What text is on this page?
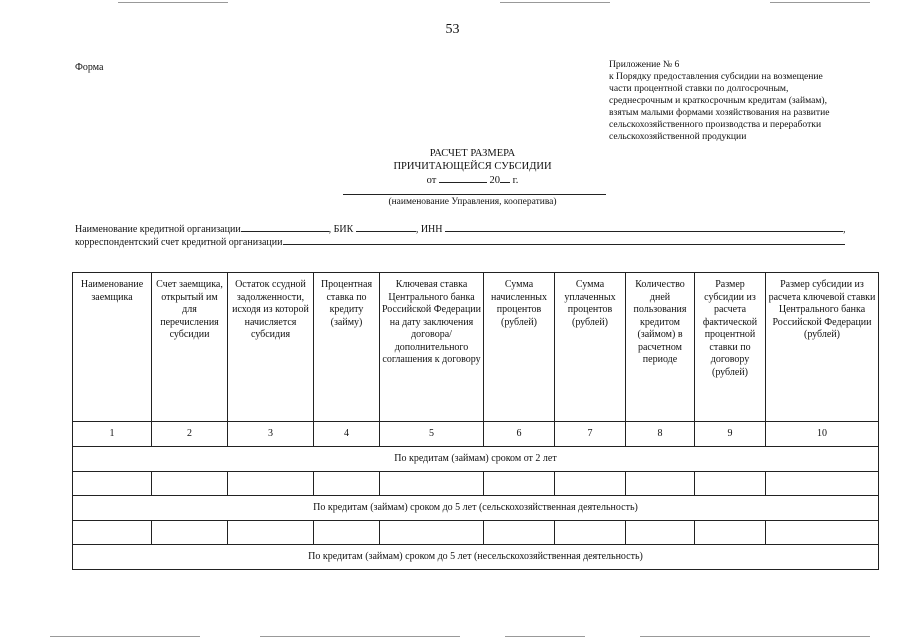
53
Форма	Приложение № 6
к Порядку предоставления субсидии на возмещение
части процентной ставки по долгосрочным,
среднесрочным и краткосрочным кредитам (займам),
взятым малыми формами хозяйствования на развитие
сельскохозяйственного производства и переработки
сельскохозяйственной продукции
РАСЧЕТ РАЗМЕРА
ПРИЧИТАЮЩЕЙСЯ СУБСИДИИ
от	20 г.
(наименование Управления, кооператива)
Наименование кредитной организации	, БИК	, ИНН	,
корреспондентский счет кредитной организации
Наименование заемщика	Счет заемщика, открытый им для перечисления субсидии	Остаток ссудной задолженности, исходя из которой начисляется субсидия	Процентная ставка по кредиту (займу)	Ключевая ставка Центрального банка Российской Федерации на дату заключения договора/ дополнительного соглашения к договору	Сумма начисленных процентов (рублей)	Сумма уплаченных процентов (рублей)	Количество дней пользования кредитом (займом) в расчетном периоде	Размер субсидии из расчета фактической процентной ставки по договору (рублей)	Размер субсидии из расчета ключевой ставки Центрального банка Российской Федерации (рублей)
1	2	3	4	5	6	7	8	9	10
По кредитам (займам) сроком от 2 лет									

По кредитам (займам) сроком до 5 лет (сельскохозяйственная деятельность)									

По кредитам (займам) сроком до 5 лет (несельскохозяйственная деятельность)									
